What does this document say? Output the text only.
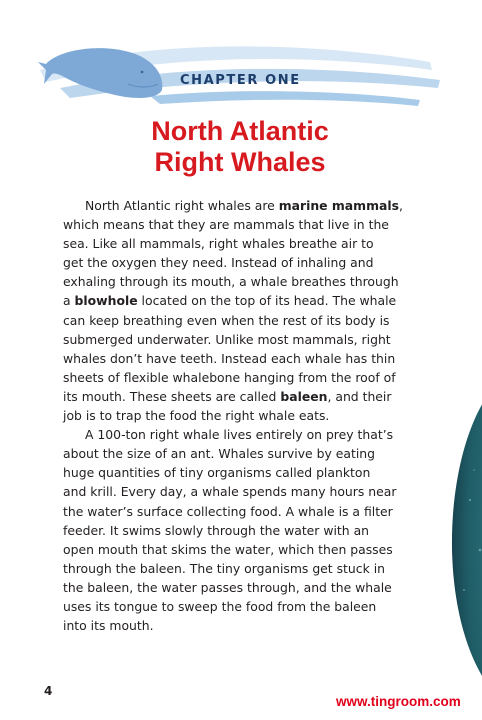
CHAPTER ONE
North Atlantic
Right Whales

North Atlantic right whales are marine mammals,
which means that they are mammals that live in the
sea. Like all mammals, right whales breathe air to
get the oxygen they need. Instead of inhaling and
exhaling through its mouth, a whale breathes through
a blowhole located on the top of its head. The whale
can keep breathing even when the rest of its body is
submerged underwater. Unlike most mammals, right
whales don’t have teeth. Instead each whale has thin
sheets of flexible whalebone hanging from the roof of
its mouth. These sheets are called baleen, and their
job is to trap the food the right whale eats.

A 100-ton right whale lives entirely on prey that’s
about the size of an ant. Whales survive by eating
huge quantities of tiny organisms called plankton
and krill. Every day, a whale spends many hours near
the water’s surface collecting food. A whale is a filter
feeder. It swims slowly through the water with an
open mouth that skims the water, which then passes
through the baleen. The tiny organisms get stuck in
the baleen, the water passes through, and the whale
uses its tongue to sweep the food from the baleen
into its mouth.

4
www.tingroom.com
